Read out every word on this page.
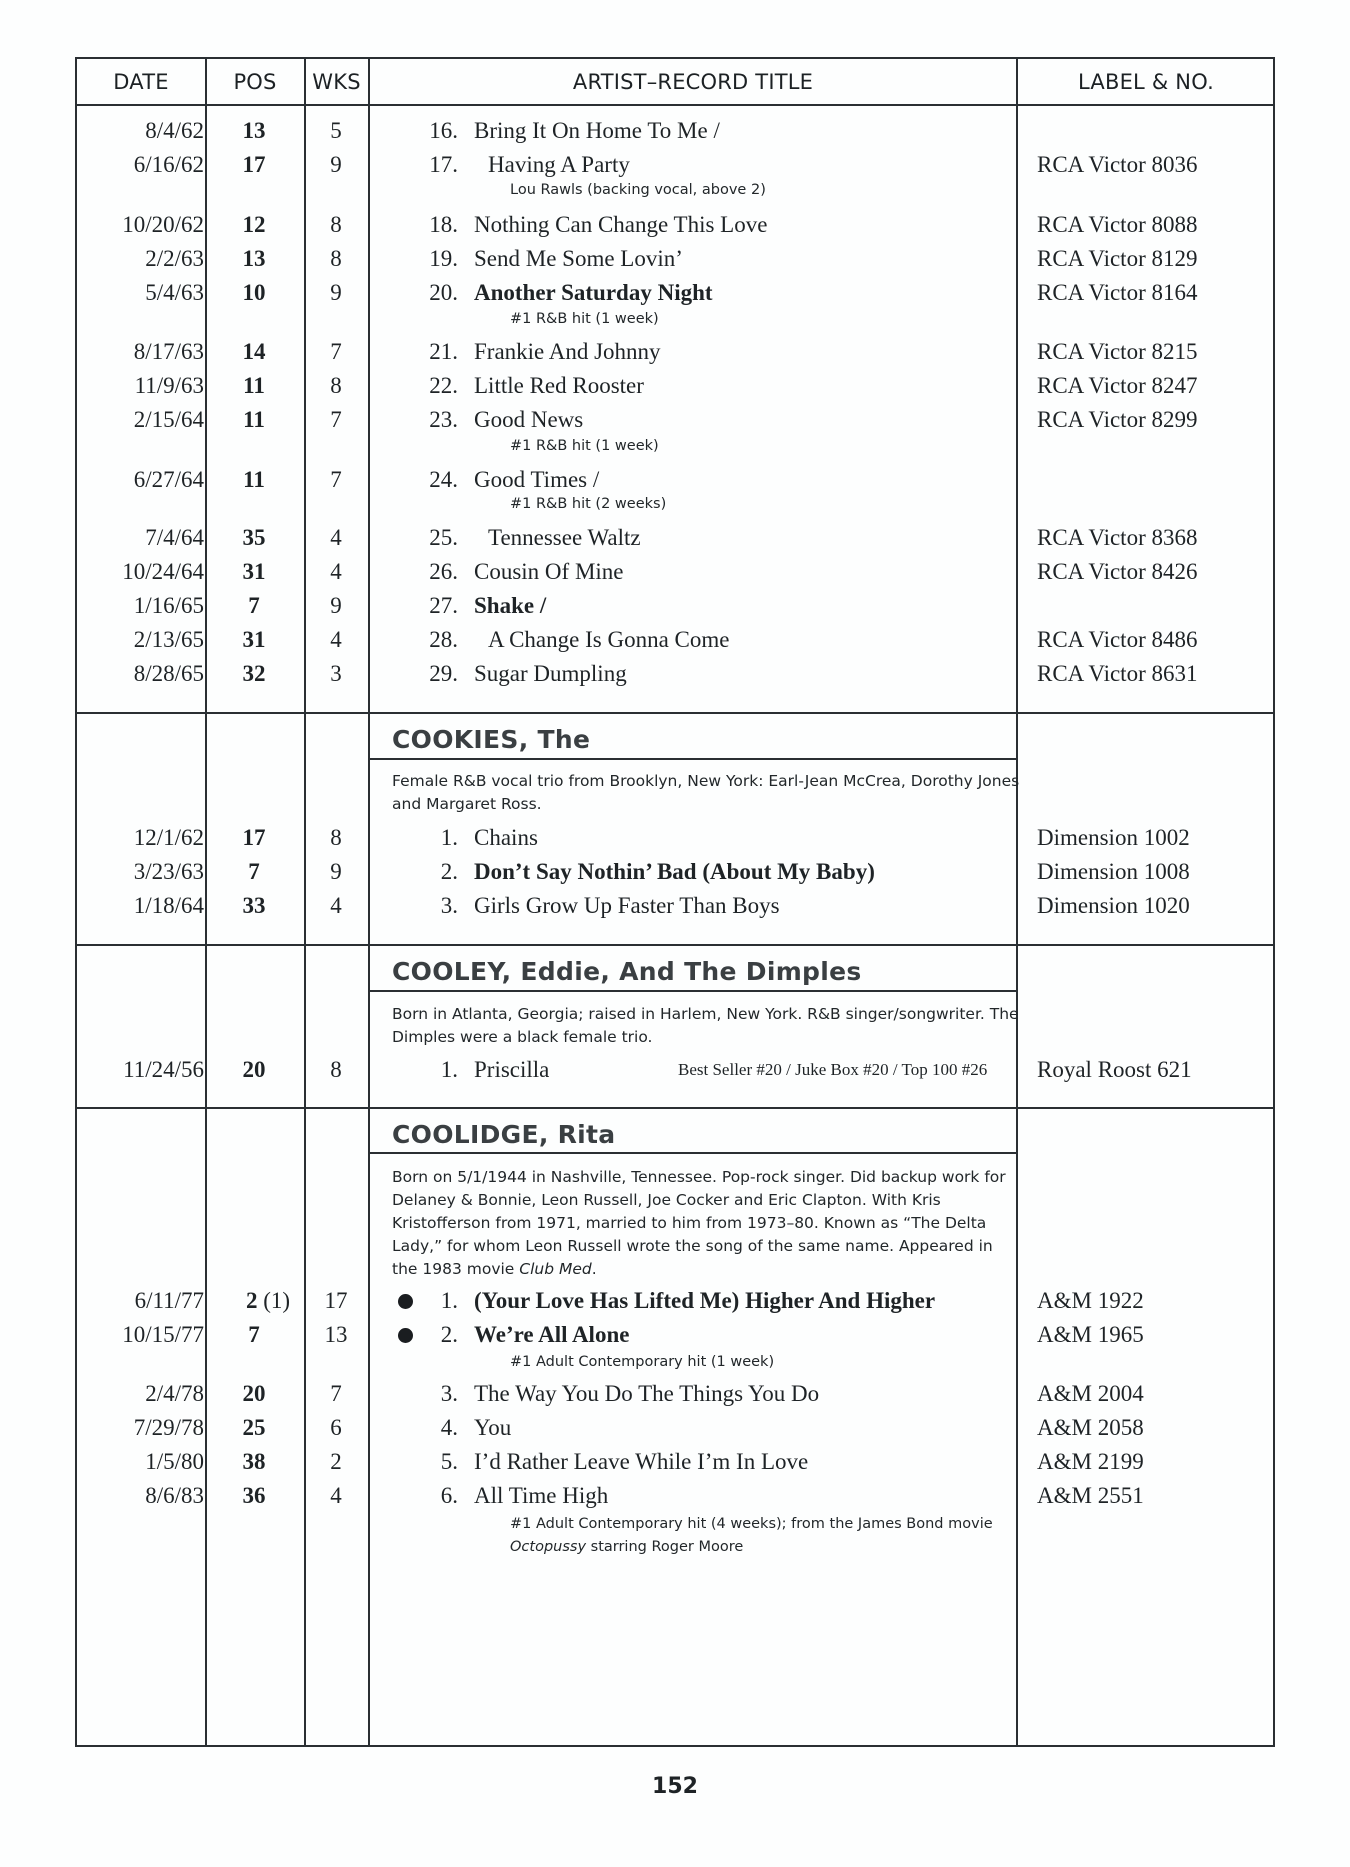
DATE	POS	WKS	ARTIST–RECORD TITLE	LABEL & NO.
8/4/62	13	5	16. Bring It On Home To Me /
6/16/62	17	9	17. Having A Party	RCA Victor 8036
Lou Rawls (backing vocal, above 2)
10/20/62	12	8	18. Nothing Can Change This Love	RCA Victor 8088
2/2/63	13	8	19. Send Me Some Lovin’	RCA Victor 8129
5/4/63	10	9	20. Another Saturday Night	RCA Victor 8164
#1 R&B hit (1 week)
8/17/63	14	7	21. Frankie And Johnny	RCA Victor 8215
11/9/63	11	8	22. Little Red Rooster	RCA Victor 8247
2/15/64	11	7	23. Good News	RCA Victor 8299
#1 R&B hit (1 week)
6/27/64	11	7	24. Good Times /
#1 R&B hit (2 weeks)
7/4/64	35	4	25. Tennessee Waltz	RCA Victor 8368
10/24/64	31	4	26. Cousin Of Mine	RCA Victor 8426
1/16/65	7	9	27. Shake /
2/13/65	31	4	28. A Change Is Gonna Come	RCA Victor 8486
8/28/65	32	3	29. Sugar Dumpling	RCA Victor 8631
12/1/62	17	8	1. Chains	Dimension 1002
3/23/63	7	9	2. Don’t Say Nothin’ Bad (About My Baby)	Dimension 1008
1/18/64	33	4	3. Girls Grow Up Faster Than Boys	Dimension 1020
11/24/56	20	8	1. Priscilla	Royal Roost 621
6/11/77	2 (1)	17	1. (Your Love Has Lifted Me) Higher And Higher	A&M 1922
10/15/77	7	13	2. We’re All Alone	A&M 1965
#1 Adult Contemporary hit (1 week)
2/4/78	20	7	3. The Way You Do The Things You Do	A&M 2004
7/29/78	25	6	4. You	A&M 2058
1/5/80	38	2	5. I’d Rather Leave While I’m In Love	A&M 2199
8/6/83	36	4	6. All Time High	A&M 2551
COOKIES, The
Female R&B vocal trio from Brooklyn, New York: Earl-Jean McCrea, Dorothy Jones and Margaret Ross.
COOLEY, Eddie, And The Dimples
Born in Atlanta, Georgia; raised in Harlem, New York. R&B singer/songwriter. The Dimples were a black female trio.
COOLIDGE, Rita
Born on 5/1/1944 in Nashville, Tennessee. Pop-rock singer. Did backup work for Delaney & Bonnie, Leon Russell, Joe Cocker and Eric Clapton. With Kris Kristofferson from 1971, married to him from 1973–80. Known as “The Delta Lady,” for whom Leon Russell wrote the song of the same name. Appeared in the 1983 movie Club Med.
Best Seller #20 / Juke Box #20 / Top 100 #26
#1 Adult Contemporary hit (4 weeks); from the James Bond movie
Octopussy starring Roger Moore
152
